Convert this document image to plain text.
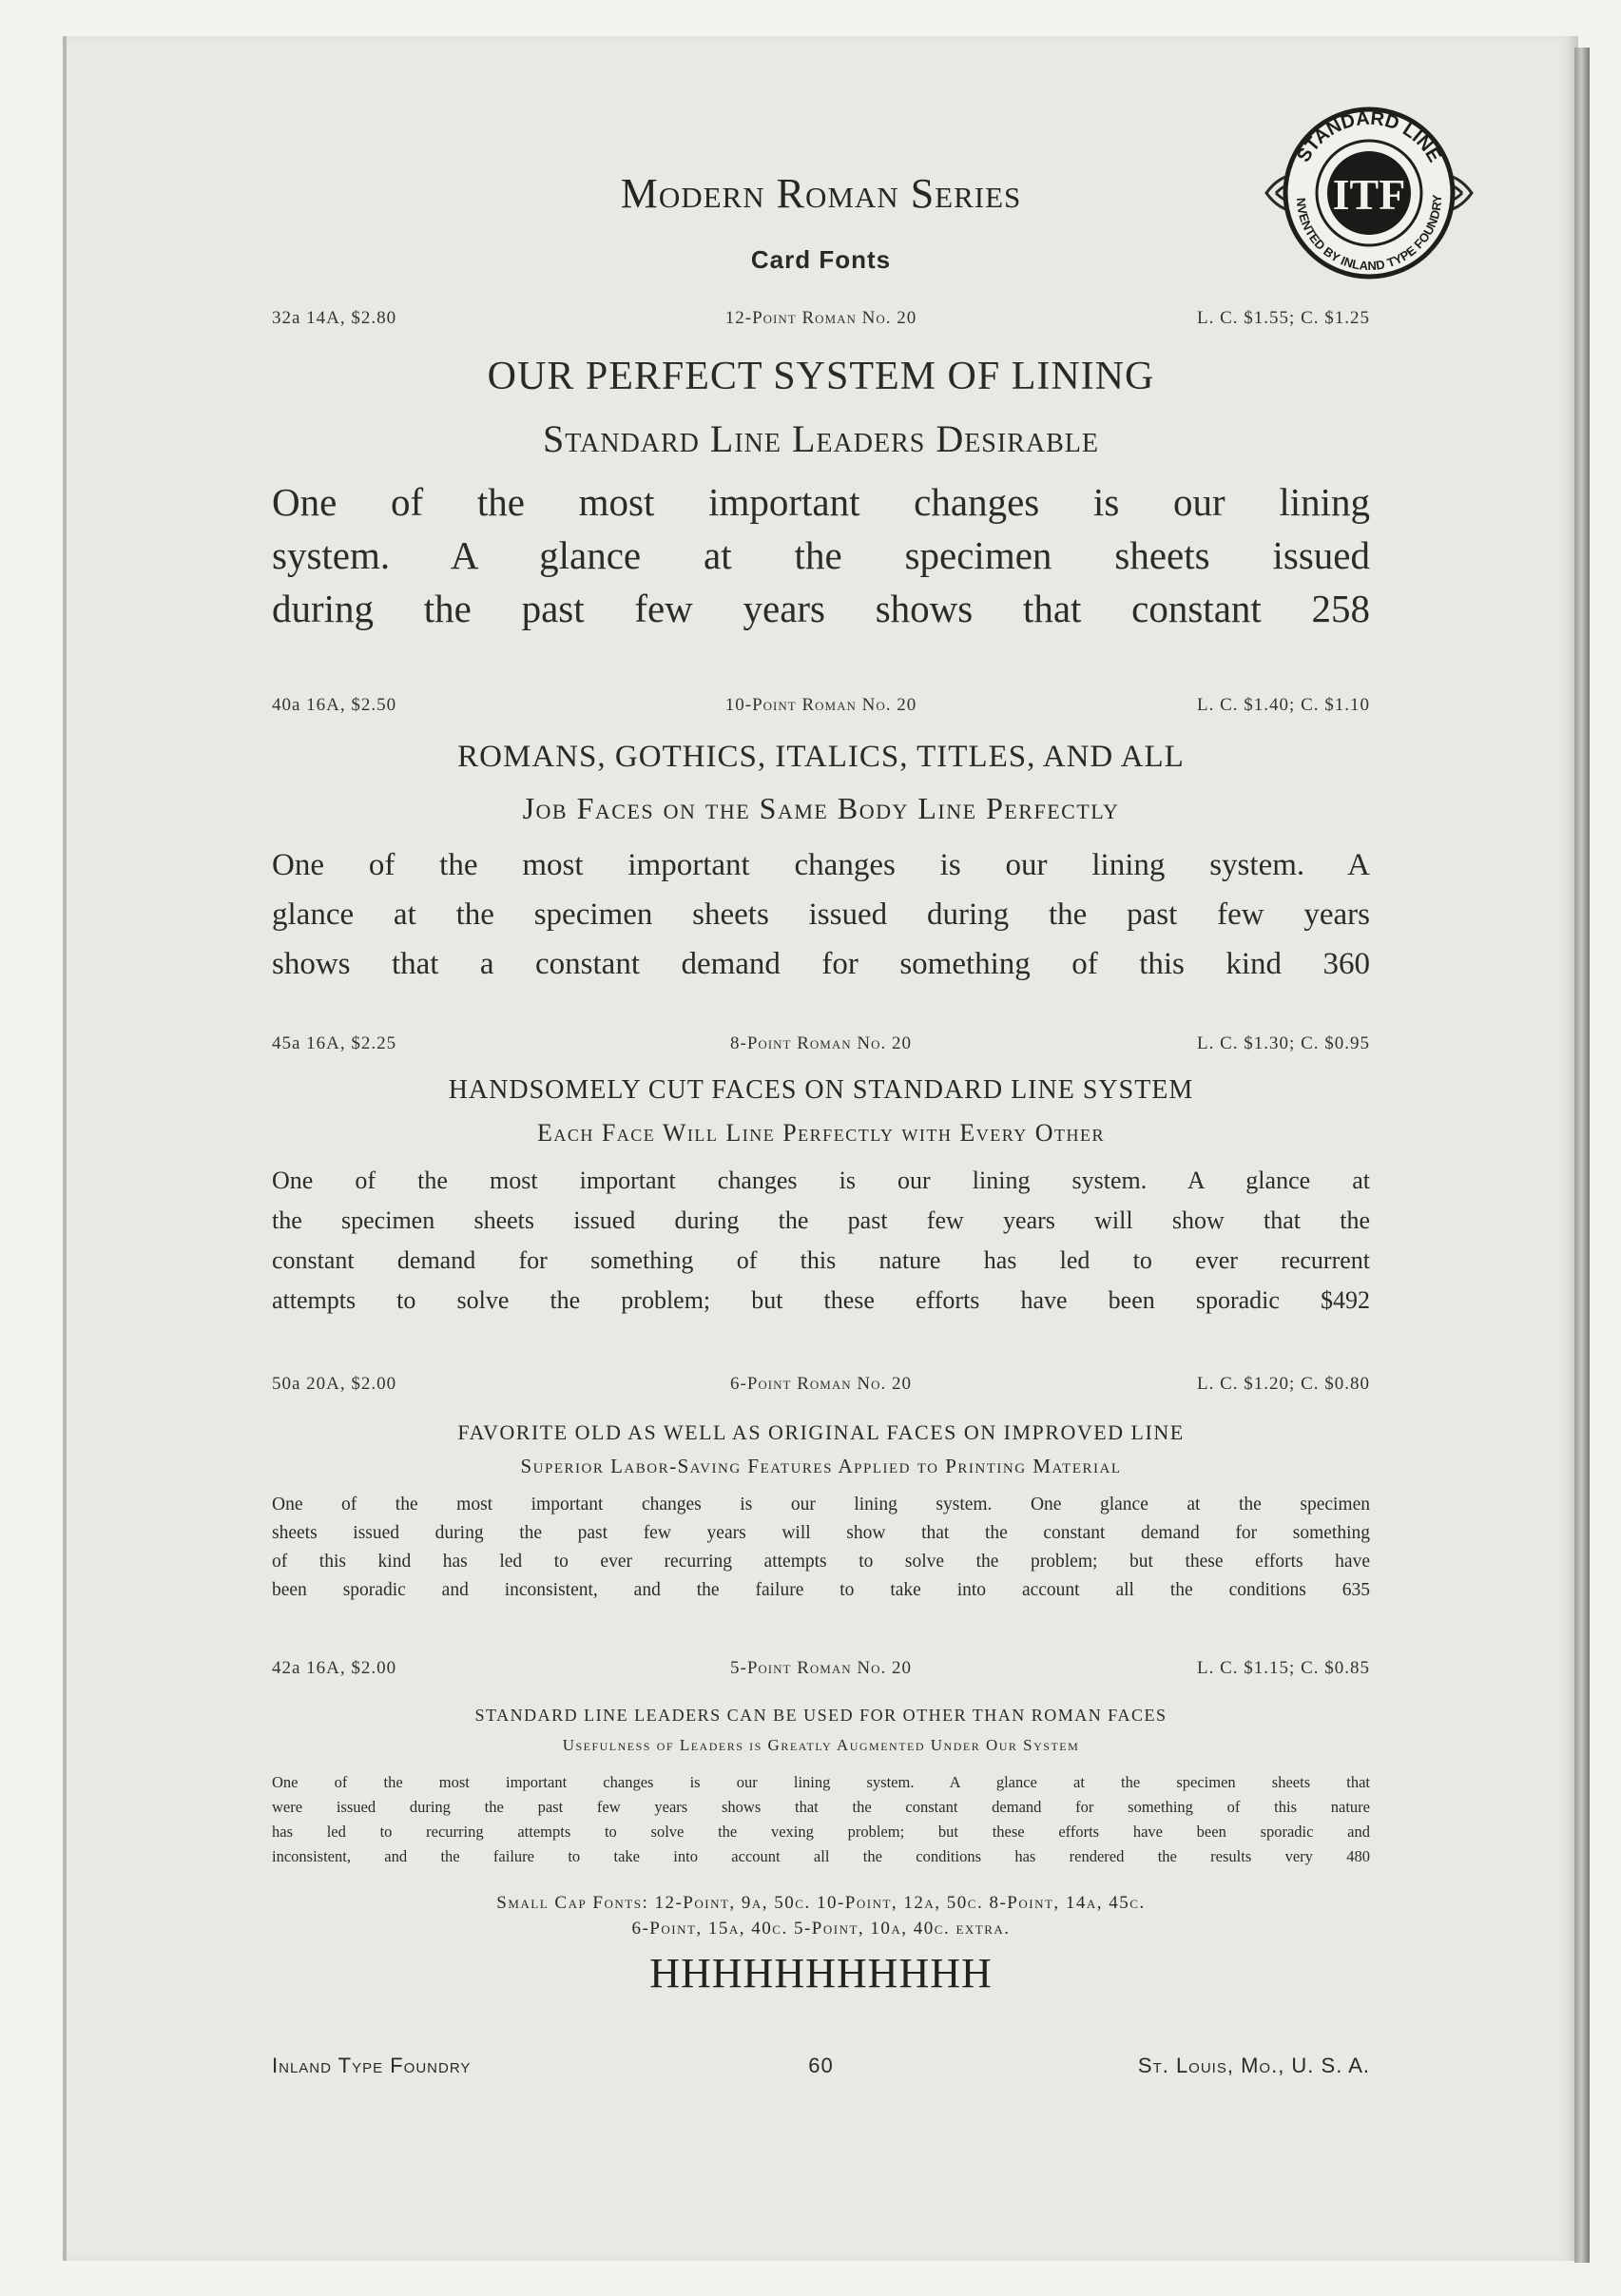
STANDARD LINE
NVENTED BY INLAND TYPE FOUNDRY
ITF
Modern Roman Series
Card Fonts
32a 14A, $2.80	12-Point Roman No. 20	L. C. $1.55; C. $1.25
OUR PERFECT SYSTEM OF LINING
Standard Line Leaders Desirable
One of the most important changes is our lining
system. A glance at the specimen sheets issued
during the past few years shows that constant 258
40a 16A, $2.50	10-Point Roman No. 20	L. C. $1.40; C. $1.10
ROMANS, GOTHICS, ITALICS, TITLES, AND ALL
Job Faces on the Same Body Line Perfectly
One of the most important changes is our lining system. A
glance at the specimen sheets issued during the past few years
shows that a constant demand for something of this kind 360
45a 16A, $2.25	8-Point Roman No. 20	L. C. $1.30; C. $0.95
HANDSOMELY CUT FACES ON STANDARD LINE SYSTEM
Each Face Will Line Perfectly with Every Other
One of the most important changes is our lining system. A glance at
the specimen sheets issued during the past few years will show that the
constant demand for something of this nature has led to ever recurrent
attempts to solve the problem; but these efforts have been sporadic $492
50a 20A, $2.00	6-Point Roman No. 20	L. C. $1.20; C. $0.80
FAVORITE OLD AS WELL AS ORIGINAL FACES ON IMPROVED LINE
Superior Labor-Saving Features Applied to Printing Material
One of the most important changes is our lining system. One glance at the specimen
sheets issued during the past few years will show that the constant demand for something
of this kind has led to ever recurring attempts to solve the problem; but these efforts have
been sporadic and inconsistent, and the failure to take into account all the conditions 635
42a 16A, $2.00	5-Point Roman No. 20	L. C. $1.15; C. $0.85
STANDARD LINE LEADERS CAN BE USED FOR OTHER THAN ROMAN FACES
Usefulness of Leaders is Greatly Augmented Under Our System
One of the most important changes is our lining system. A glance at the specimen sheets that
were issued during the past few years shows that the constant demand for something of this nature
has led to recurring attempts to solve the vexing problem; but these efforts have been sporadic and
inconsistent, and the failure to take into account all the conditions has rendered the results very 480
Small Cap Fonts: 12-Point, 9a, 50c. 10-Point, 12a, 50c. 8-Point, 14a, 45c.
6-Point, 15a, 40c. 5-Point, 10a, 40c. extra.
HHHHHHHHHHH
Inland Type Foundry	60	St. Louis, Mo., U. S. A.
